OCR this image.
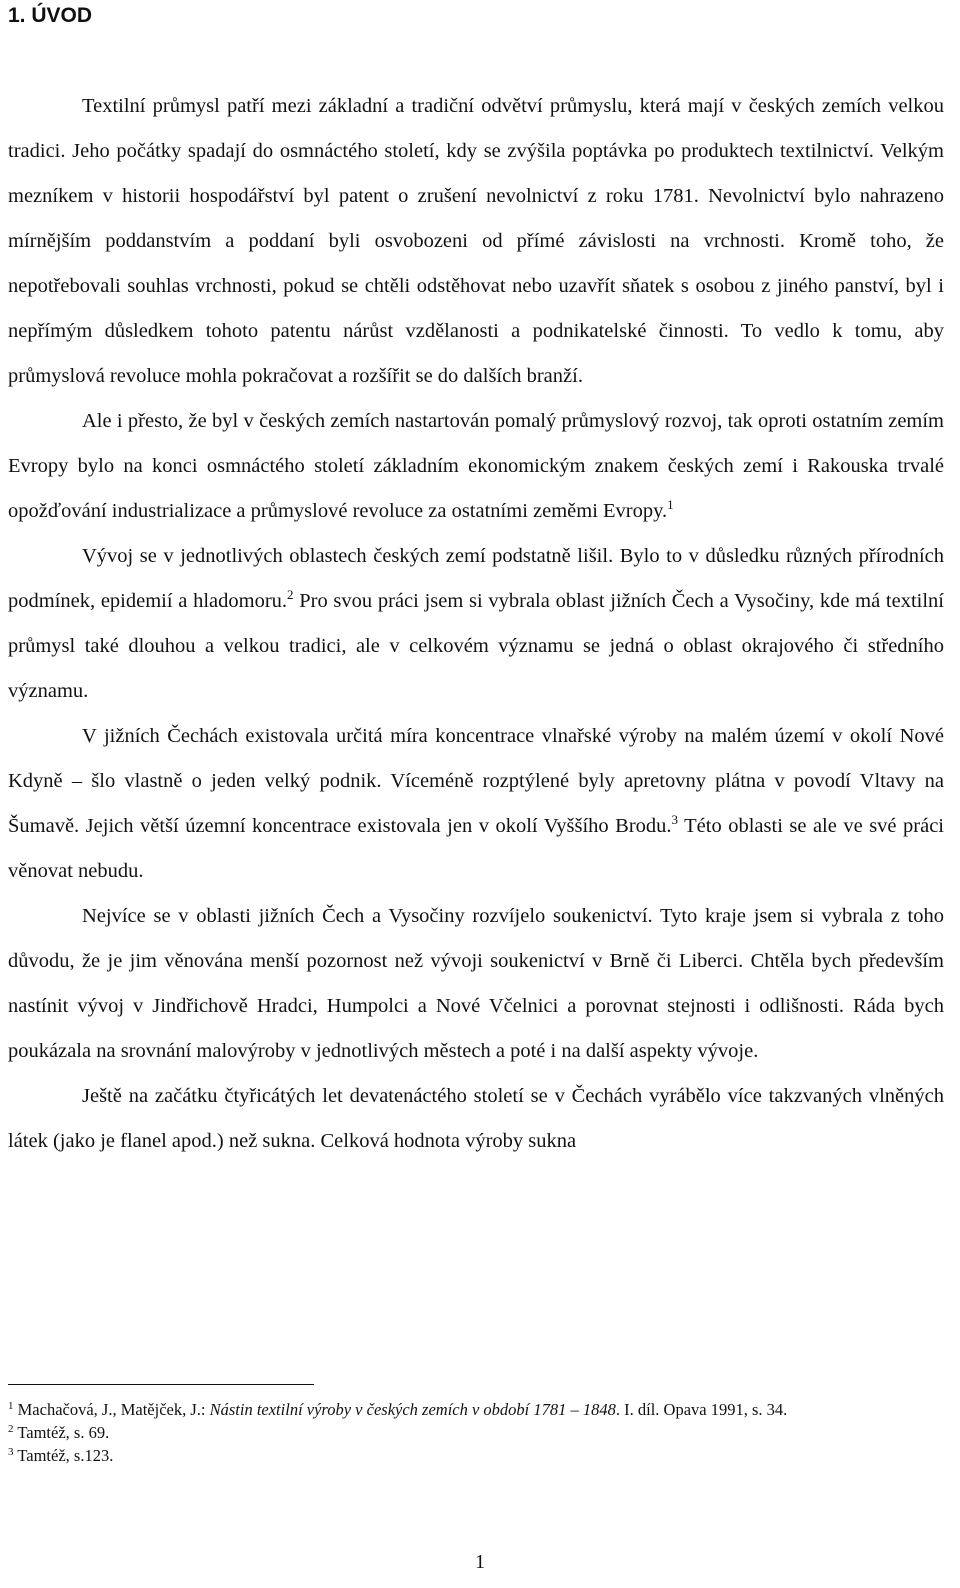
1. ÚVOD

Textilní průmysl patří mezi základní a tradiční odvětví průmyslu, která mají v českých zemích velkou tradici. Jeho počátky spadají do osmnáctého století, kdy se zvýšila poptávka po produktech textilnictví. Velkým mezníkem v historii hospodářství byl patent o zrušení nevolnictví z roku 1781. Nevolnictví bylo nahrazeno mírnějším poddanstvím a poddaní byli osvobozeni od přímé závislosti na vrchnosti. Kromě toho, že nepotřebovali souhlas vrchnosti, pokud se chtěli odstěhovat nebo uzavřít sňatek s osobou z jiného panství, byl i nepřímým důsledkem tohoto patentu nárůst vzdělanosti a podnikatelské činnosti. To vedlo k tomu, aby průmyslová revoluce mohla pokračovat a rozšířit se do dalších branží.

Ale i přesto, že byl v českých zemích nastartován pomalý průmyslový rozvoj, tak oproti ostatním zemím Evropy bylo na konci osmnáctého století základním ekonomickým znakem českých zemí i Rakouska trvalé opožďování industrializace a průmyslové revoluce za ostatními zeměmi Evropy.$^1$

Vývoj se v jednotlivých oblastech českých zemí podstatně lišil. Bylo to v důsledku různých přírodních podmínek, epidemií a hladomoru.$^2$ Pro svou práci jsem si vybrala oblast jižních Čech a Vysočiny, kde má textilní průmysl také dlouhou a velkou tradici, ale v celkovém významu se jedná o oblast okrajového či středního významu.

V jižních Čechách existovala určitá míra koncentrace vlnařské výroby na malém území v okolí Nové Kdyně – šlo vlastně o jeden velký podnik. Víceméně rozptýlené byly apretovny plátna v povodí Vltavy na Šumavě. Jejich větší územní koncentrace existovala jen v okolí Vyššího Brodu.$^3$ Této oblasti se ale ve své práci věnovat nebudu.

Nejvíce se v oblasti jižních Čech a Vysočiny rozvíjelo soukenictví. Tyto kraje jsem si vybrala z toho důvodu, že je jim věnována menší pozornost než vývoji soukenictví v Brně či Liberci. Chtěla bych především nastínit vývoj v Jindřichově Hradci, Humpolci a Nové Včelnici a porovnat stejnosti i odlišnosti. Ráda bych poukázala na srovnání malovýroby v jednotlivých městech a poté i na další aspekty vývoje.

Ještě na začátku čtyřicátých let devatenáctého století se v Čechách vyrábělo více takzvaných vlněných látek (jako je flanel apod.) než sukna. Celková hodnota výroby sukna

$^1$ Machačová, J., Matějček, J.: Nástin textilní výroby v českých zemích v období 1781 – 1848. I. díl. Opava 1991, s. 34.

$^2$ Tamtéž, s. 69.

$^3$ Tamtéž, s.123.

1
